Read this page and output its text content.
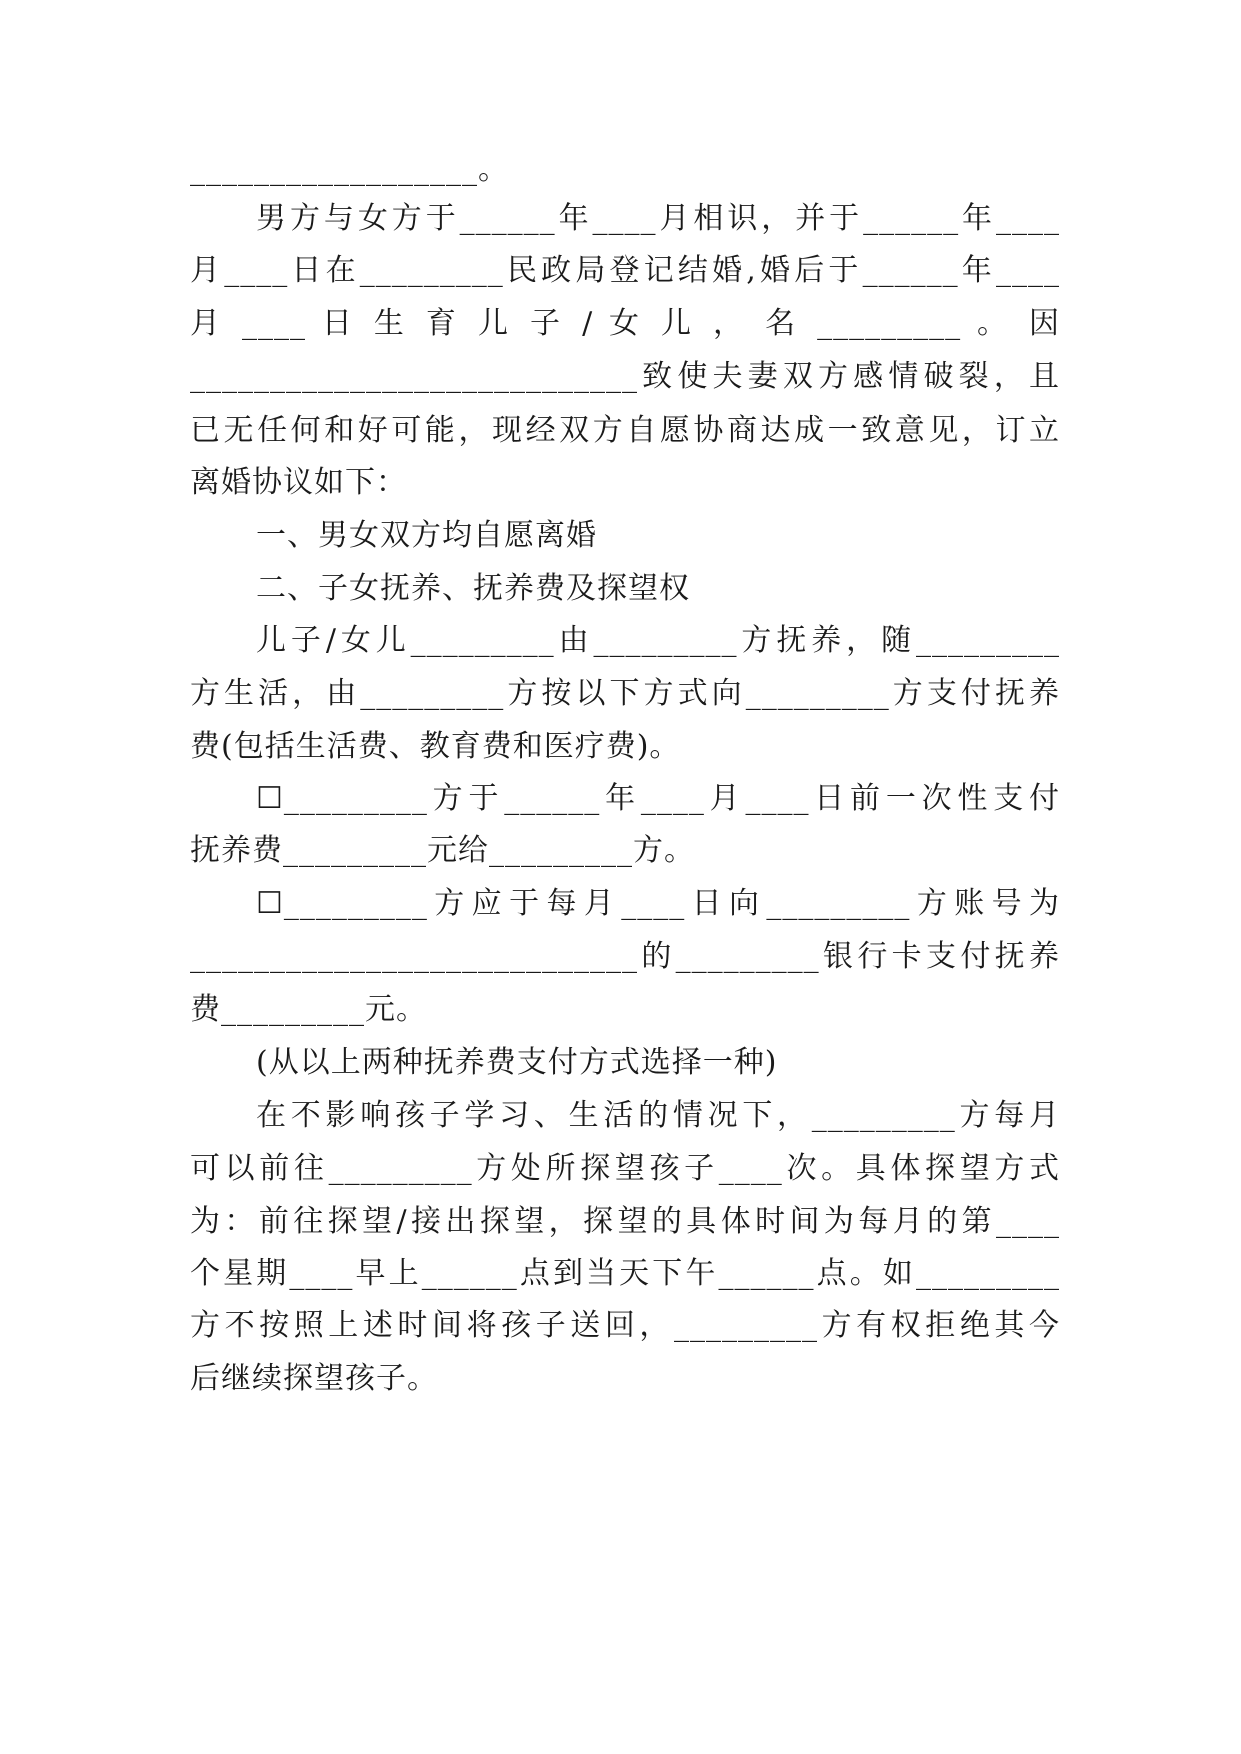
__________________。

男方与女方于______年____月相识，并于______年____

月____日在_________民政局登记结婚,婚后于______年____

月 ____ 日 生 育 儿 子 / 女 儿 ， 名 _________ 。 因

____________________________致使夫妻双方感情破裂，且

已无任何和好可能，现经双方自愿协商达成一致意见，订立

离婚协议如下：

一、男女双方均自愿离婚

二、子女抚养、抚养费及探望权

儿子/女儿_________由_________方抚养，随_________

方生活，由_________方按以下方式向_________方支付抚养

费(包括生活费、教育费和医疗费)。

☐_________方于______年____月____日前一次性支付

抚养费_________元给_________方。

☐_________方应于每月____日向_________方账号为

____________________________的_________银行卡支付抚养

费_________元。

(从以上两种抚养费支付方式选择一种)

在不影响孩子学习、生活的情况下，_________方每月

可以前往_________方处所探望孩子____次。具体探望方式

为：前往探望/接出探望，探望的具体时间为每月的第____

个星期____早上______点到当天下午______点。如_________

方不按照上述时间将孩子送回，_________方有权拒绝其今

后继续探望孩子。
